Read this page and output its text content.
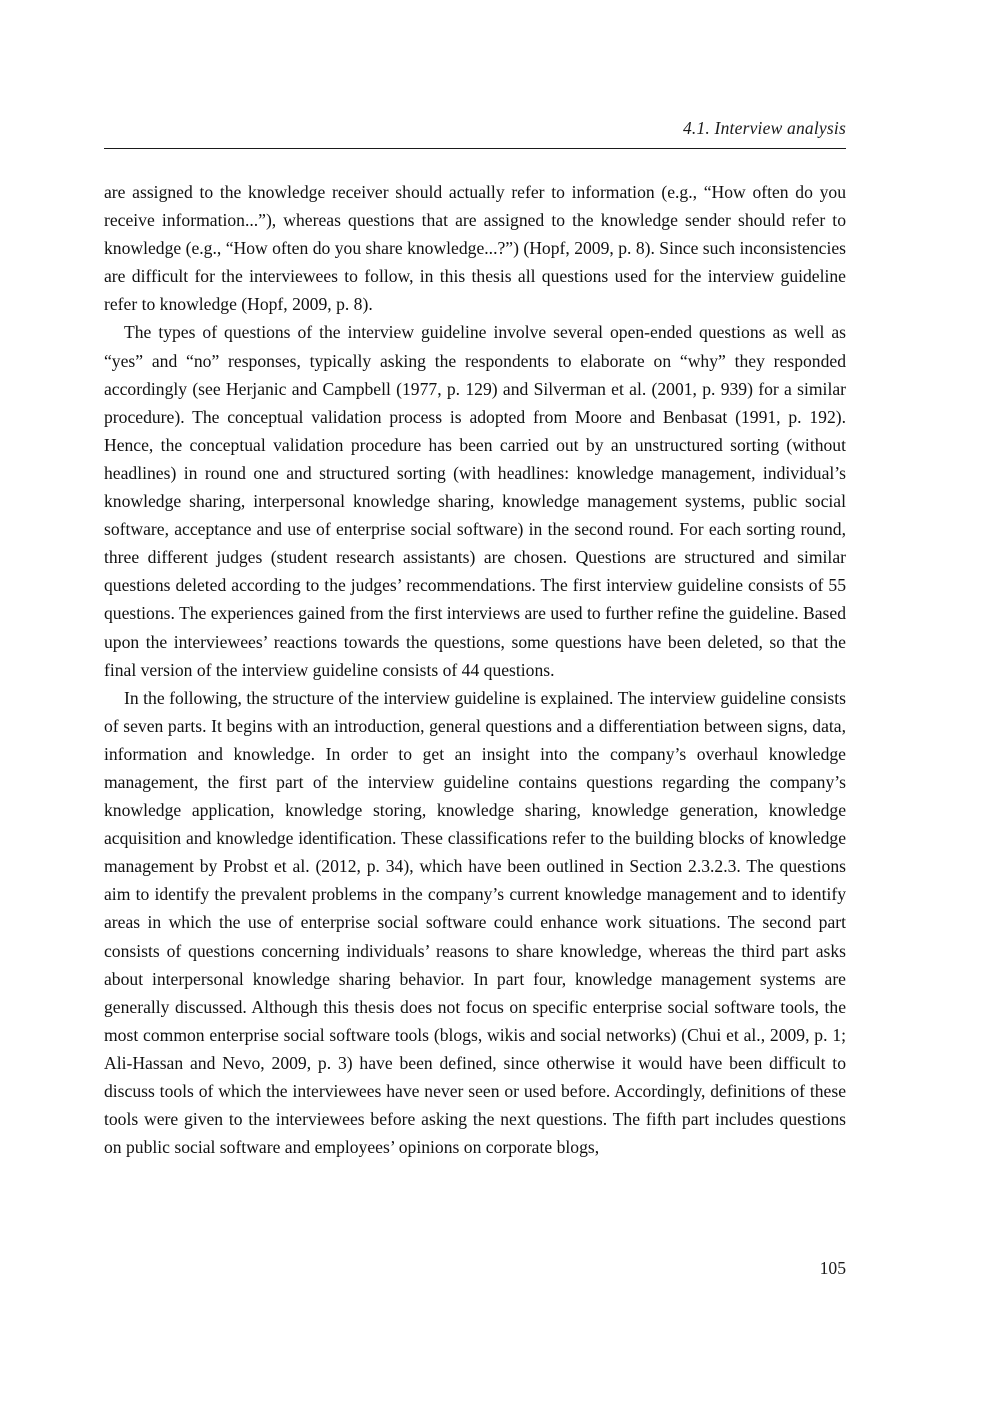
4.1. Interview analysis

are assigned to the knowledge receiver should actually refer to information (e.g., “How often do you receive information...”), whereas questions that are assigned to the knowledge sender should refer to knowledge (e.g., “How often do you share knowledge...?”) (Hopf, 2009, p. 8). Since such inconsistencies are difficult for the interviewees to follow, in this thesis all questions used for the interview guideline refer to knowledge (Hopf, 2009, p. 8).

The types of questions of the interview guideline involve several open-ended questions as well as “yes” and “no” responses, typically asking the respondents to elaborate on “why” they responded accordingly (see Herjanic and Campbell (1977, p. 129) and Silverman et al. (2001, p. 939) for a similar procedure). The conceptual validation process is adopted from Moore and Benbasat (1991, p. 192). Hence, the conceptual validation procedure has been carried out by an unstructured sorting (without headlines) in round one and structured sorting (with headlines: knowledge management, individual’s knowledge sharing, interpersonal knowledge sharing, knowledge management systems, public social software, acceptance and use of enterprise social software) in the second round. For each sorting round, three different judges (student research assistants) are chosen. Questions are structured and similar questions deleted according to the judges’ recommendations. The first interview guideline consists of 55 questions. The experiences gained from the first interviews are used to further refine the guideline. Based upon the interviewees’ reactions towards the questions, some questions have been deleted, so that the final version of the interview guideline consists of 44 questions.

In the following, the structure of the interview guideline is explained. The interview guideline consists of seven parts. It begins with an introduction, general questions and a differentiation between signs, data, information and knowledge. In order to get an insight into the company’s overhaul knowledge management, the first part of the interview guideline contains questions regarding the company’s knowledge application, knowledge storing, knowledge sharing, knowledge generation, knowledge acquisition and knowledge identification. These classifications refer to the building blocks of knowledge management by Probst et al. (2012, p. 34), which have been outlined in Section 2.3.2.3. The questions aim to identify the prevalent problems in the company’s current knowledge management and to identify areas in which the use of enterprise social software could enhance work situations. The second part consists of questions concerning individuals’ reasons to share knowledge, whereas the third part asks about interpersonal knowledge sharing behavior. In part four, knowledge management systems are generally discussed. Although this thesis does not focus on specific enterprise social software tools, the most common enterprise social software tools (blogs, wikis and social networks) (Chui et al., 2009, p. 1; Ali-Hassan and Nevo, 2009, p. 3) have been defined, since otherwise it would have been difficult to discuss tools of which the interviewees have never seen or used before. Accordingly, definitions of these tools were given to the interviewees before asking the next questions. The fifth part includes questions on public social software and employees’ opinions on corporate blogs,

105
